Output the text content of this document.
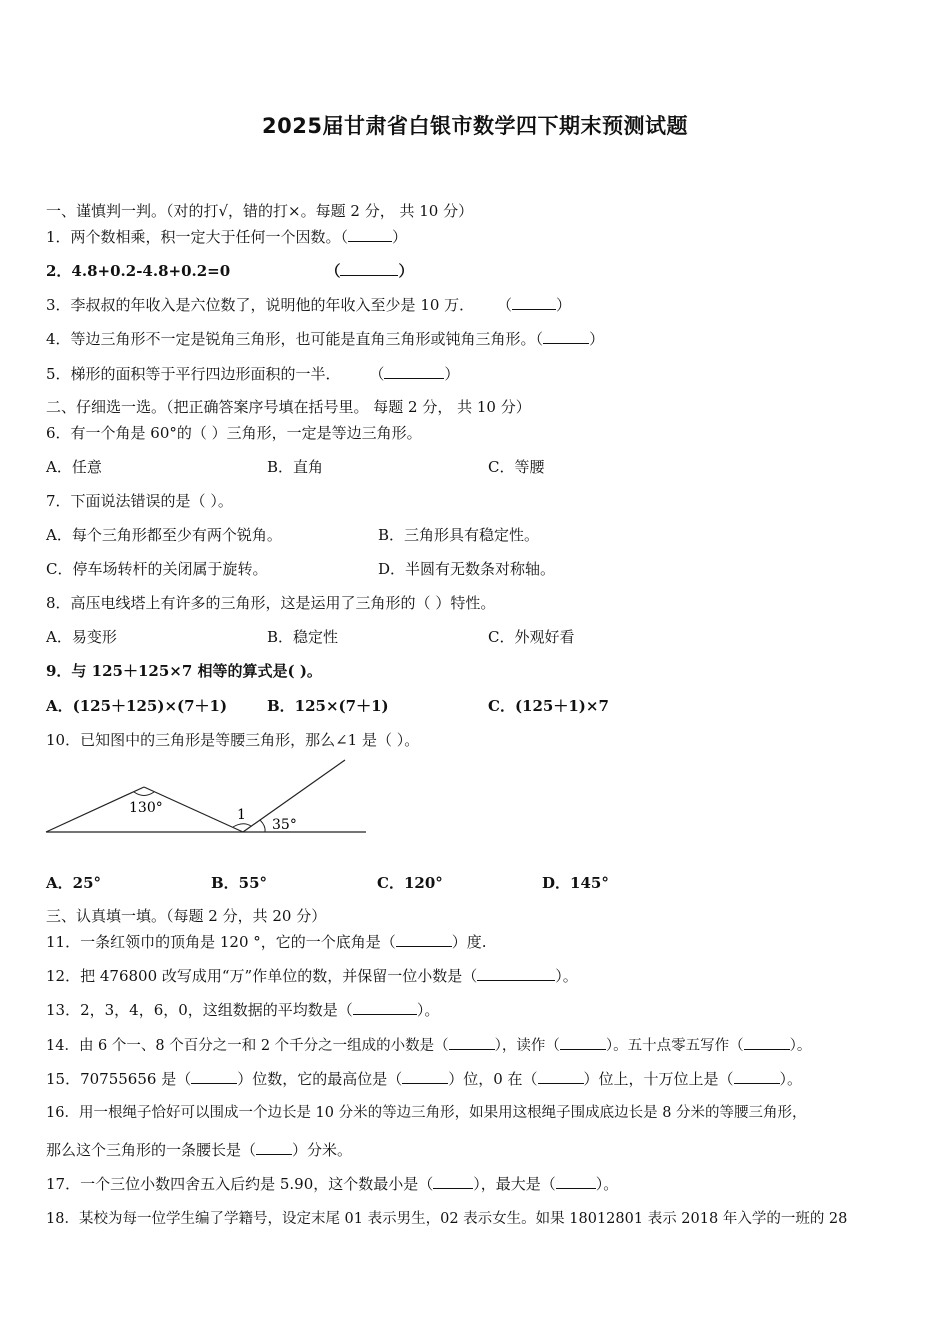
2025届甘肃省白银市数学四下期末预测试题
一、谨慎判一判。（对的打√，错的打×。每题 2 分， 共 10 分）
1．两个数相乘，积一定大于任何一个因数。（	）
2．4.8+0.2-4.8+0.2=0	（	）
3．李叔叔的年收入是六位数了，说明他的年收入至少是 10 万． （	）
4．等边三角形不一定是锐角三角形，也可能是直角三角形或钝角三角形。（	）
5．梯形的面积等于平行四边形面积的一半． （	）
二、仔细选一选。（把正确答案序号填在括号里。 每题 2 分， 共 10 分）
6．有一个角是 60°的（ ）三角形，一定是等边三角形。
A．任意	B．直角	C．等腰
7．下面说法错误的是（ ）。
A．每个三角形都至少有两个锐角。	B．三角形具有稳定性。
C．停车场转杆的关闭属于旋转。	D．半圆有无数条对称轴。
8．高压电线塔上有许多的三角形，这是运用了三角形的（ ）特性。
A．易变形	B．稳定性	C．外观好看
9．与 125＋125×7 相等的算式是( )。
A．(125＋125)×(7＋1)	B．125×(7＋1)	C．(125＋1)×7
10．已知图中的三角形是等腰三角形，那么∠1 是（ ）。
130°	1
35°
A．25°	B．55°	C．120°	D．145°
三、认真填一填。（每题 2 分，共 20 分）
11．一条红领巾的顶角是 120 °，它的一个底角是（	）度.
12．把 476800 改写成用“万”作单位的数，并保留一位小数是（	）。
13．2，3，4，6，0，这组数据的平均数是（	）。
14．由 6 个一、8 个百分之一和 2 个千分之一组成的小数是（	），读作（	）。五十点零五写作（	）。
15．70755656 是（	）位数，它的最高位是（	）位，0 在（	）位上，十万位上是（	）。
16．用一根绳子恰好可以围成一个边长是 10 分米的等边三角形，如果用这根绳子围成底边长是 8 分米的等腰三角形，
那么这个三角形的一条腰长是（ ）分米。
17．一个三位小数四舍五入后约是 5.90，这个数最小是（	），最大是（	）。
18．某校为每一位学生编了学籍号，设定末尾 01 表示男生，02 表示女生。如果 18012801 表示 2018 年入学的一班的 28
